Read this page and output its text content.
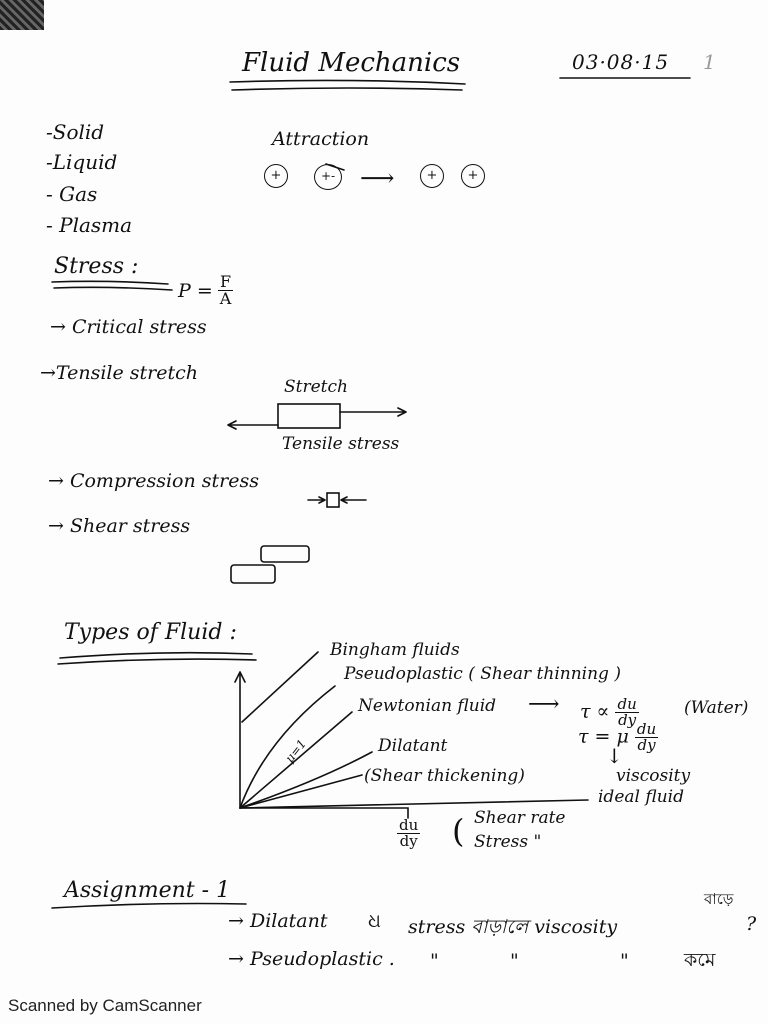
Fluid Mechanics	03·08·15 1
-Solid
-Liquid
- Gas
- Plasma
Attraction
+	+- ⟶	+	+
Stress :
$P = \frac{F}{A}$
→ Critical stress
→Tensile stretch
Stretch
Tensile stress
→ Compression stress
→ Shear stress
Types of Fluid :
Bingham fluids
Pseudoplastic ( Shear thinning )
Newtonian fluid ⟶ $\tau \propto \frac{du}{dy}$	(Water)
τ = μ $\frac{du}{dy}$
↓
viscosity
ideal fluid
μ=1	Dilatant
(Shear thickening)
$\frac{du}{dy}$ ( Shear rate
Stress "
Assignment - 1
→ Dilatant ଧ stress বাড়ালে viscosity	?
বাড়ে
→ Pseudoplastic . "	"	"	কমে
Scanned by CamScanner
